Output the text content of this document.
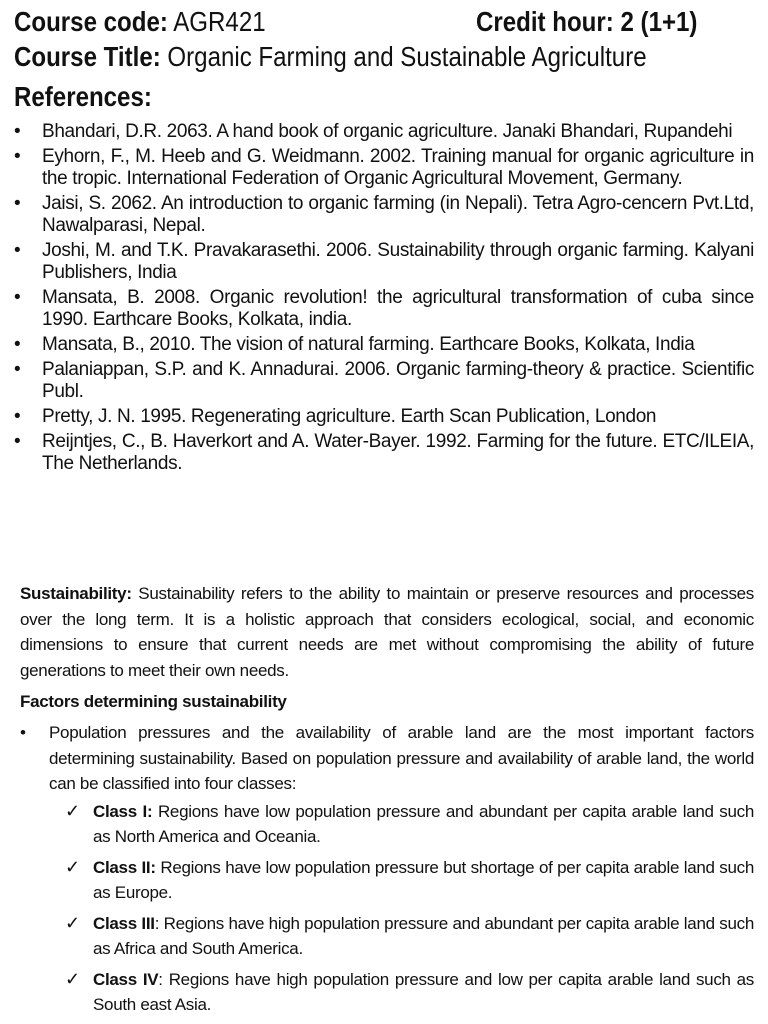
Course code: AGR421	Credit hour: 2 (1+1)
Course Title: Organic Farming and Sustainable Agriculture
References:
• Bhandari, D.R. 2063. A hand book of organic agriculture. Janaki Bhandari, Rupandehi
• Eyhorn, F., M. Heeb and G. Weidmann. 2002. Training manual for organic agriculture in the tropic. International Federation of Organic Agricultural Movement, Germany.
• Jaisi, S. 2062. An introduction to organic farming (in Nepali). Tetra Agro-cencern Pvt.Ltd, Nawalparasi, Nepal.
• Joshi, M. and T.K. Pravakarasethi. 2006. Sustainability through organic farming. Kalyani Publishers, India
• Mansata, B. 2008. Organic revolution! the agricultural transformation of cuba since 1990. Earthcare Books, Kolkata, india.
• Mansata, B., 2010. The vision of natural farming. Earthcare Books, Kolkata, India
• Palaniappan, S.P. and K. Annadurai. 2006. Organic farming-theory & practice. Scientific Publ.
• Pretty, J. N. 1995. Regenerating agriculture. Earth Scan Publication, London
• Reijntjes, C., B. Haverkort and A. Water-Bayer. 1992. Farming for the future. ETC/ILEIA, The Netherlands.

Sustainability: Sustainability refers to the ability to maintain or preserve resources and processes over the long term. It is a holistic approach that considers ecological, social, and economic dimensions to ensure that current needs are met without compromising the ability of future generations to meet their own needs.

Factors determining sustainability
• Population pressures and the availability of arable land are the most important factors determining sustainability. Based on population pressure and availability of arable land, the world can be classified into four classes:
✓ Class I: Regions have low population pressure and abundant per capita arable land such as North America and Oceania.
✓ Class II: Regions have low population pressure but shortage of per capita arable land such as Europe.
✓ Class III: Regions have high population pressure and abundant per capita arable land such as Africa and South America.
✓ Class IV: Regions have high population pressure and low per capita arable land such as South east Asia.
